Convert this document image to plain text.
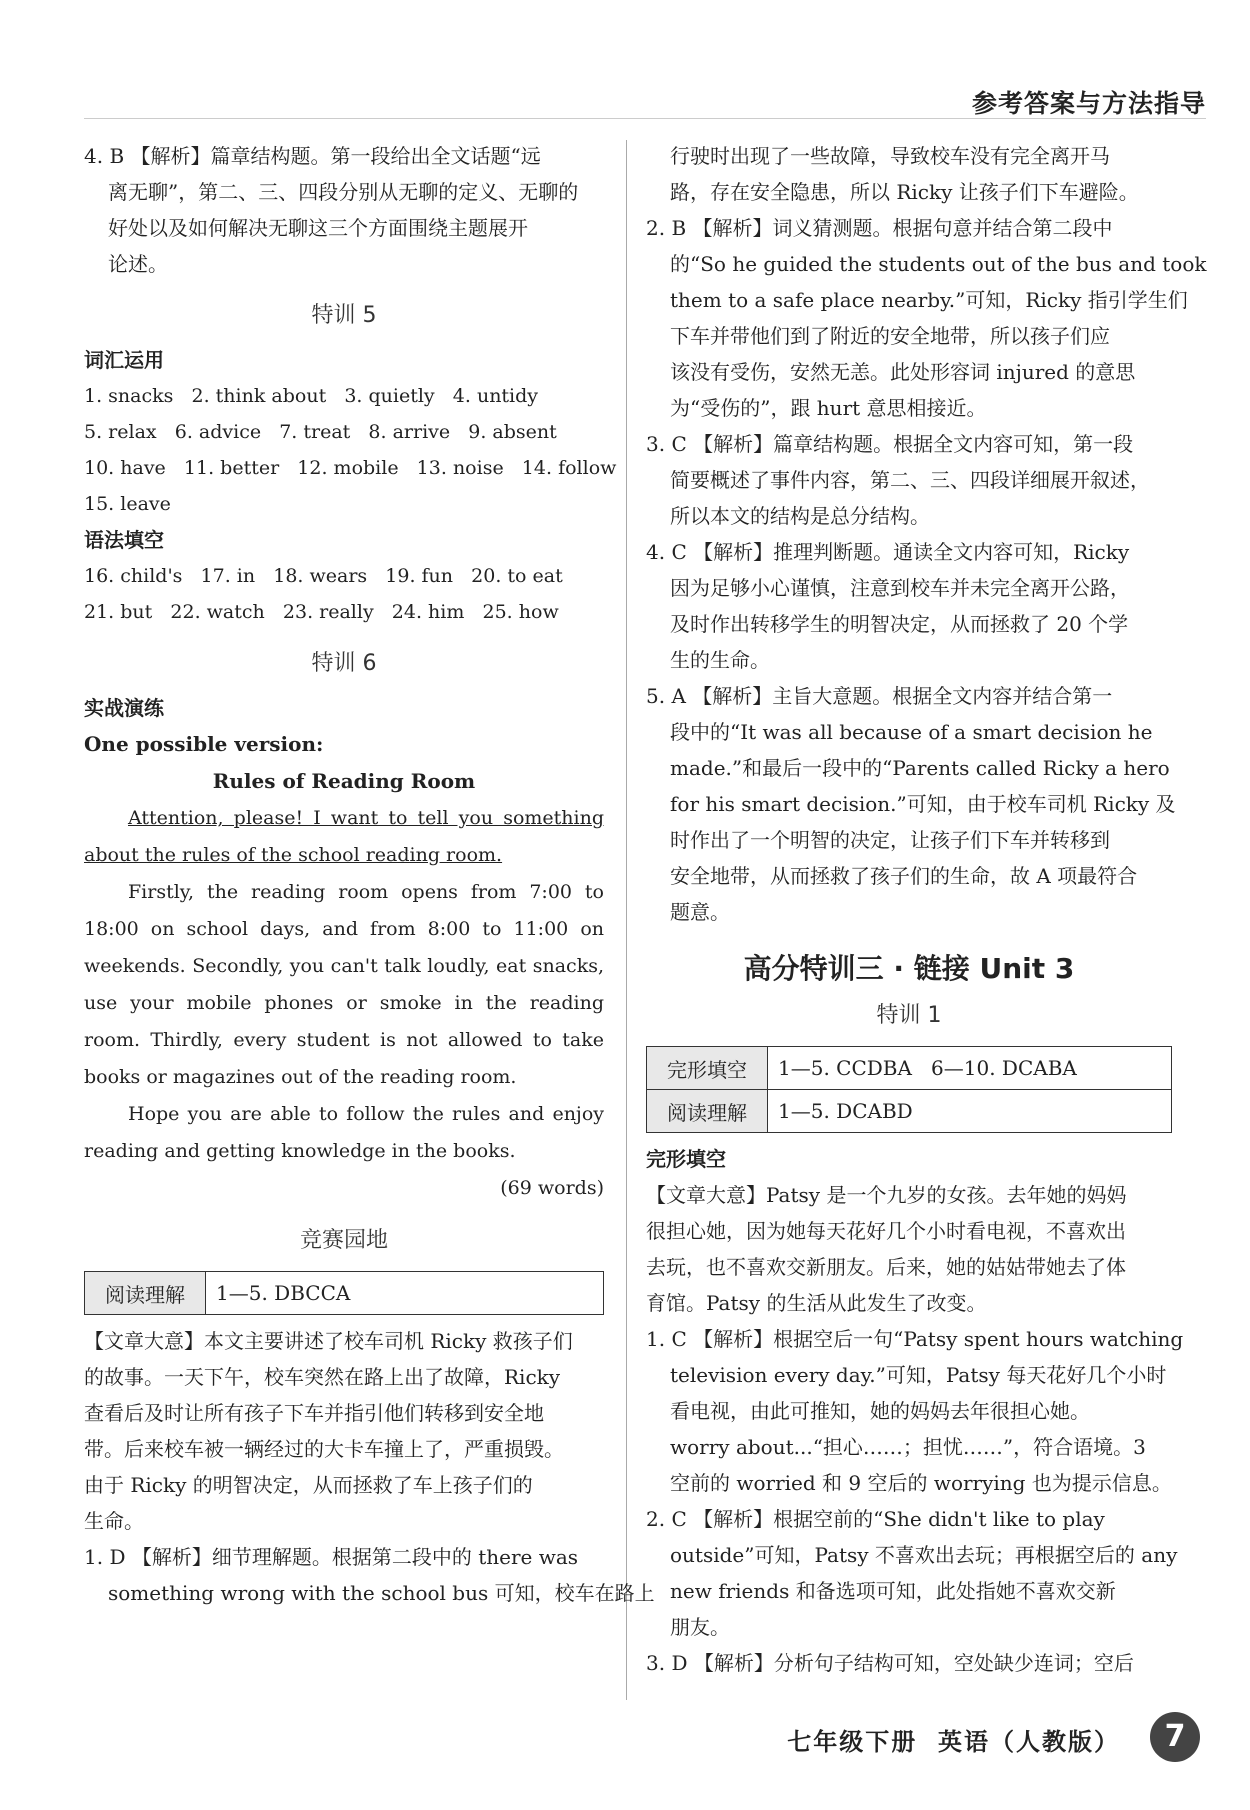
参考答案与方法指导
4. B 【解析】篇章结构题。第一段给出全文话题“远
离无聊”，第二、三、四段分别从无聊的定义、无聊的
好处以及如何解决无聊这三个方面围绕主题展开
论述。
特训 5
词汇运用
1. snacks   2. think about   3. quietly   4. untidy
5. relax   6. advice   7. treat   8. arrive   9. absent
10. have   11. better   12. mobile   13. noise   14. follow
15. leave
语法填空
16. child's   17. in   18. wears   19. fun   20. to eat
21. but   22. watch   23. really   24. him   25. how
特训 6
实战演练
One possible version:
Rules of Reading Room
Attention, please! I want to tell you something about the rules of the school reading room.
Firstly, the reading room opens from 7:00 to 18:00 on school days, and from 8:00 to 11:00 on weekends. Secondly, you can't talk loudly, eat snacks, use your mobile phones or smoke in the reading room. Thirdly, every student is not allowed to take books or magazines out of the reading room.
Hope you are able to follow the rules and enjoy reading and getting knowledge in the books.
(69 words)
竞赛园地
阅读理解	1—5. DBCCA
【文章大意】本文主要讲述了校车司机 Ricky 救孩子们
的故事。一天下午，校车突然在路上出了故障，Ricky
查看后及时让所有孩子下车并指引他们转移到安全地
带。后来校车被一辆经过的大卡车撞上了，严重损毁。
由于 Ricky 的明智决定，从而拯救了车上孩子们的
生命。
1. D 【解析】细节理解题。根据第二段中的 there was
something wrong with the school bus 可知，校车在路上
行驶时出现了一些故障，导致校车没有完全离开马
路，存在安全隐患，所以 Ricky 让孩子们下车避险。
2. B 【解析】词义猜测题。根据句意并结合第二段中
的“So he guided the students out of the bus and took
them to a safe place nearby.”可知，Ricky 指引学生们
下车并带他们到了附近的安全地带，所以孩子们应
该没有受伤，安然无恙。此处形容词 injured 的意思
为“受伤的”，跟 hurt 意思相接近。
3. C 【解析】篇章结构题。根据全文内容可知，第一段
简要概述了事件内容，第二、三、四段详细展开叙述，
所以本文的结构是总分结构。
4. C 【解析】推理判断题。通读全文内容可知，Ricky
因为足够小心谨慎，注意到校车并未完全离开公路，
及时作出转移学生的明智决定，从而拯救了 20 个学
生的生命。
5. A 【解析】主旨大意题。根据全文内容并结合第一
段中的“It was all because of a smart decision he
made.”和最后一段中的“Parents called Ricky a hero
for his smart decision.”可知，由于校车司机 Ricky 及
时作出了一个明智的决定，让孩子们下车并转移到
安全地带，从而拯救了孩子们的生命，故 A 项最符合
题意。
高分特训三 · 链接 Unit 3
特训 1
完形填空	1—5. CCDBA   6—10. DCABA
阅读理解	1—5. DCABD
完形填空
【文章大意】Patsy 是一个九岁的女孩。去年她的妈妈
很担心她，因为她每天花好几个小时看电视，不喜欢出
去玩，也不喜欢交新朋友。后来，她的姑姑带她去了体
育馆。Patsy 的生活从此发生了改变。
1. C 【解析】根据空后一句“Patsy spent hours watching
television every day.”可知，Patsy 每天花好几个小时
看电视，由此可推知，她的妈妈去年很担心她。
worry about...“担心……；担忧……”，符合语境。3
空前的 worried 和 9 空后的 worrying 也为提示信息。
2. C 【解析】根据空前的“She didn't like to play
outside”可知，Patsy 不喜欢出去玩；再根据空后的 any
new friends 和备选项可知，此处指她不喜欢交新
朋友。
3. D 【解析】分析句子结构可知，空处缺少连词；空后
七年级下册  英语（人教版）	7
